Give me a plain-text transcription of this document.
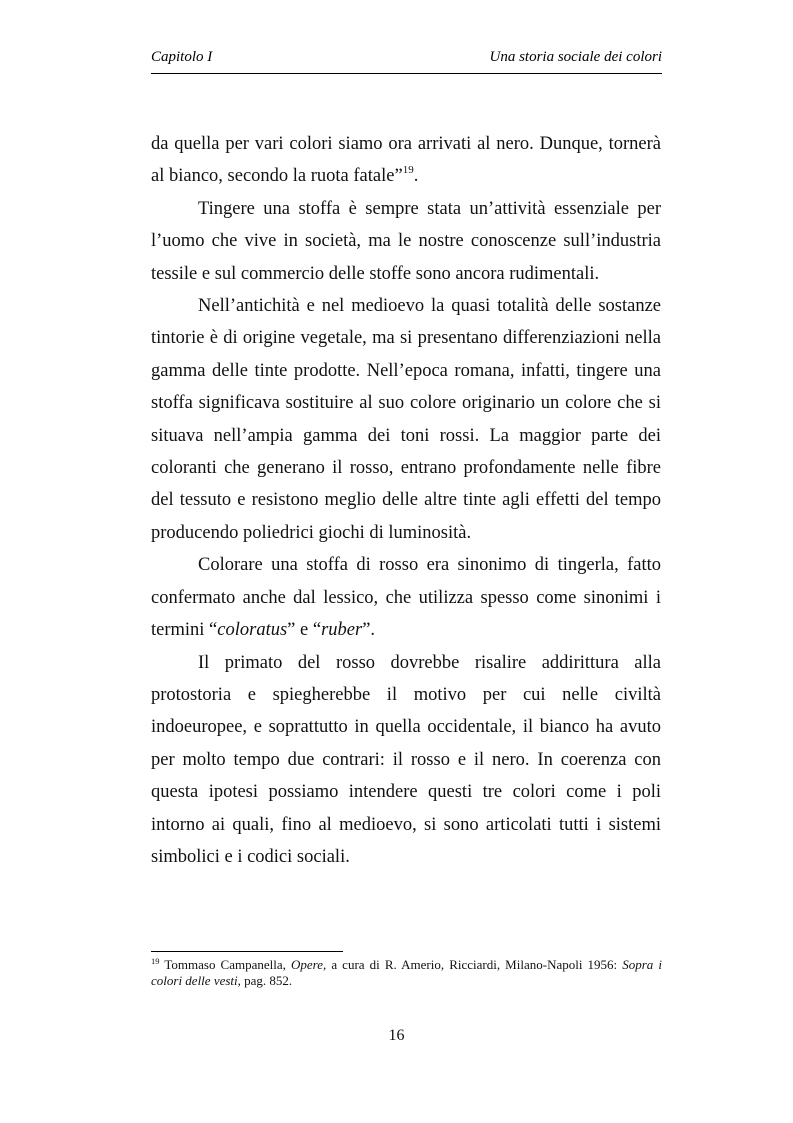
Capitolo I	Una storia sociale dei colori

da quella per vari colori siamo ora arrivati al nero. Dunque, tornerà al bianco, secondo la ruota fatale”$^{19}$.

Tingere una stoffa è sempre stata un’attività essenziale per l’uomo che vive in società, ma le nostre conoscenze sull’industria tessile e sul commercio delle stoffe sono ancora rudimentali.

Nell’antichità e nel medioevo la quasi totalità delle sostanze tintorie è di origine vegetale, ma si presentano differenziazioni nella gamma delle tinte prodotte. Nell’epoca romana, infatti, tingere una stoffa significava sostituire al suo colore originario un colore che si situava nell’ampia gamma dei toni rossi. La maggior parte dei coloranti che generano il rosso, entrano profondamente nelle fibre del tessuto e resistono meglio delle altre tinte agli effetti del tempo producendo poliedrici giochi di luminosità.

Colorare una stoffa di rosso era sinonimo di tingerla, fatto confermato anche dal lessico, che utilizza spesso come sinonimi i termini “coloratus” e “ruber”.

Il primato del rosso dovrebbe risalire addirittura alla protostoria e spiegherebbe il motivo per cui nelle civiltà indoeuropee, e soprattutto in quella occidentale, il bianco ha avuto per molto tempo due contrari: il rosso e il nero. In coerenza con questa ipotesi possiamo intendere questi tre colori come i poli intorno ai quali, fino al medioevo, si sono articolati tutti i sistemi simbolici e i codici sociali.

$^{19}$ Tommaso Campanella, Opere, a cura di R. Amerio, Ricciardi, Milano-Napoli 1956: Sopra i colori delle vesti, pag. 852.

16
